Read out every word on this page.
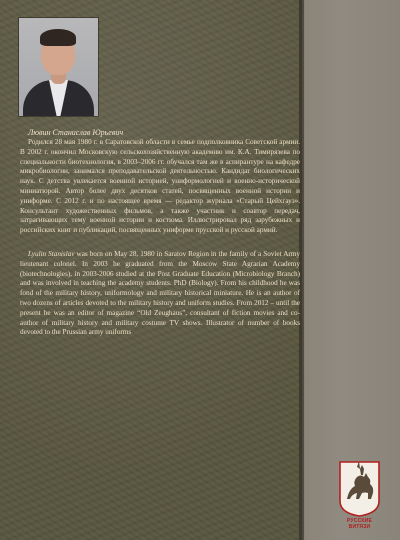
Лювин Станислав Юрьевич

Родился 28 мая 1980 г. в Саратовской области в семье подполковника Советской армии. В 2002 г. окончил Московскую сельскохозяйственную академию им. К.А. Тимирязева по специальности биотехнология, в 2003–2006 гг. обучался там же в аспирантуре на кафедре микробиологии, занимался преподавательской деятельностью. Кандидат биологических наук. С детства увлекается военной историей, униформологией и военно-исторической миниатюрой. Автор более двух десятков статей, посвященных военной истории и униформе. С 2012 г. и по настоящее время — редактор журнала «Старый Цейхгауз». Консультант художественных фильмов, а также участник и соавтор передач, затрагивающих тему военной истории и костюма. Иллюстрировал ряд зарубежных и российских книг и публикаций, посвященных униформе прусской и русской армий.

Lyulin Stanislav was born on May 28, 1980 in Saratov Region in the family of a Soviet Army lieutenant colonel. In 2003 he graduated from the Moscow State Agrarian Academy (biotechnologies), in 2003-2006 studied at the Post Graduate Education (Microbiology Branch) and was involved in teaching the academy students. PhD (Biology). From his childhood he was fond of the military history, uniformology and military historical miniature. He is an author of two dozens of articles devoted to the military history and uniform studies. From 2012 – until the present he was an editor of magazine “Old Zeughaus”, consultant of fiction movies and co-author of military history and military costume TV shows. Illustrator of number of books devoted to the Prussian army uniforms

РУССКИЕ ВИТЯЗИ
